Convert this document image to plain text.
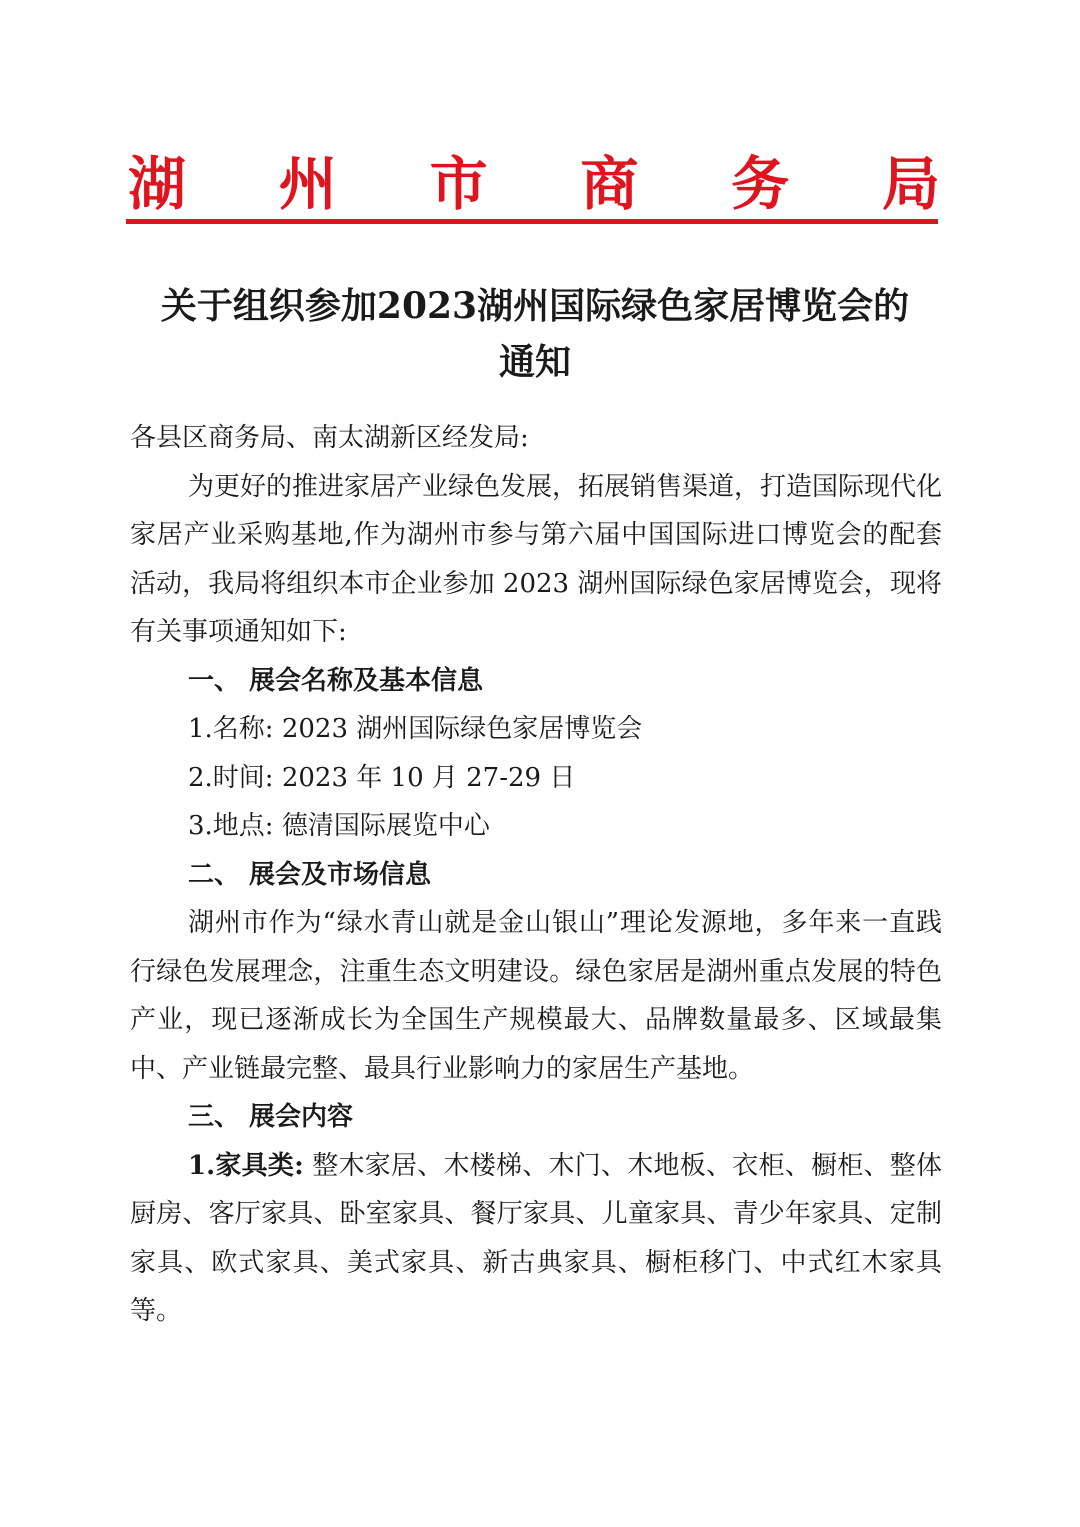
湖 州 市 商 务 局
关于组织参加2023湖州国际绿色家居博览会的
通知

各县区商务局、南太湖新区经发局:

为更好的推进家居产业绿色发展，拓展销售渠道，打造国际现代化家居产业采购基地,作为湖州市参与第六届中国国际进口博览会的配套活动，我局将组织本市企业参加 2023 湖州国际绿色家居博览会，现将有关事项通知如下:

一、 展会名称及基本信息

1.名称: 2023 湖州国际绿色家居博览会

2.时间: 2023 年 10 月 27-29 日

3.地点: 德清国际展览中心

二、 展会及市场信息

湖州市作为“绿水青山就是金山银山”理论发源地，多年来一直践行绿色发展理念，注重生态文明建设。绿色家居是湖州重点发展的特色产业，现已逐渐成长为全国生产规模最大、品牌数量最多、区域最集中、产业链最完整、最具行业影响力的家居生产基地。

三、 展会内容

1.家具类: 整木家居、木楼梯、木门、木地板、衣柜、橱柜、整体厨房、客厅家具、卧室家具、餐厅家具、儿童家具、青少年家具、定制家具、欧式家具、美式家具、新古典家具、橱柜移门、中式红木家具等。
